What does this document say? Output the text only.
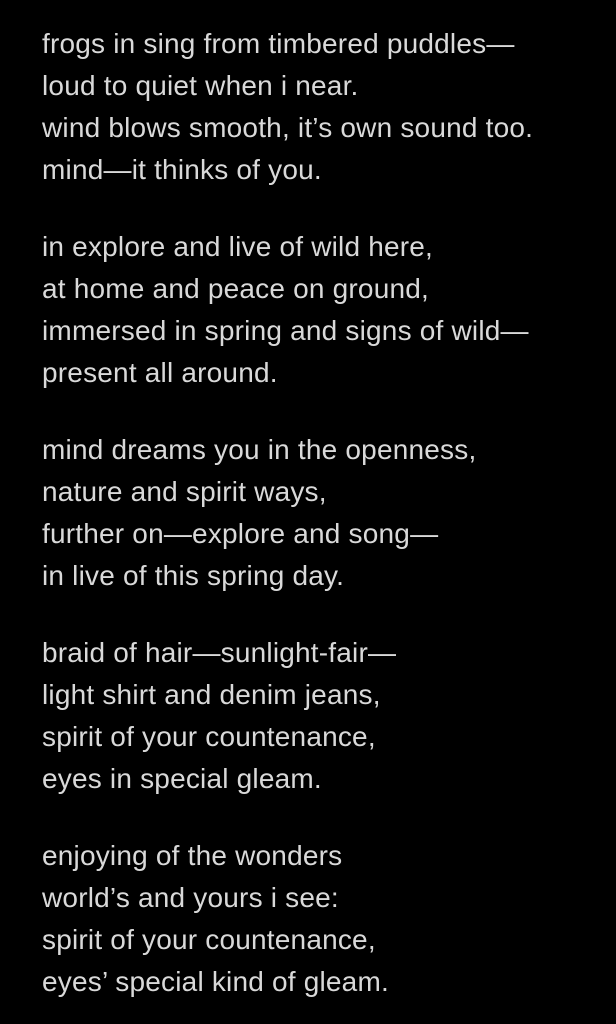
frogs in sing from timbered puddles—

loud to quiet when i near.

wind blows smooth, it’s own sound too.

mind—it thinks of you.

in explore and live of wild here,

at home and peace on ground,

immersed in spring and signs of wild—

present all around.

mind dreams you in the openness,

nature and spirit ways,

further on—explore and song—

in live of this spring day.

braid of hair—sunlight-fair—

light shirt and denim jeans,

spirit of your countenance,

eyes in special gleam.

enjoying of the wonders

world’s and yours i see:

spirit of your countenance,

eyes’ special kind of gleam.
